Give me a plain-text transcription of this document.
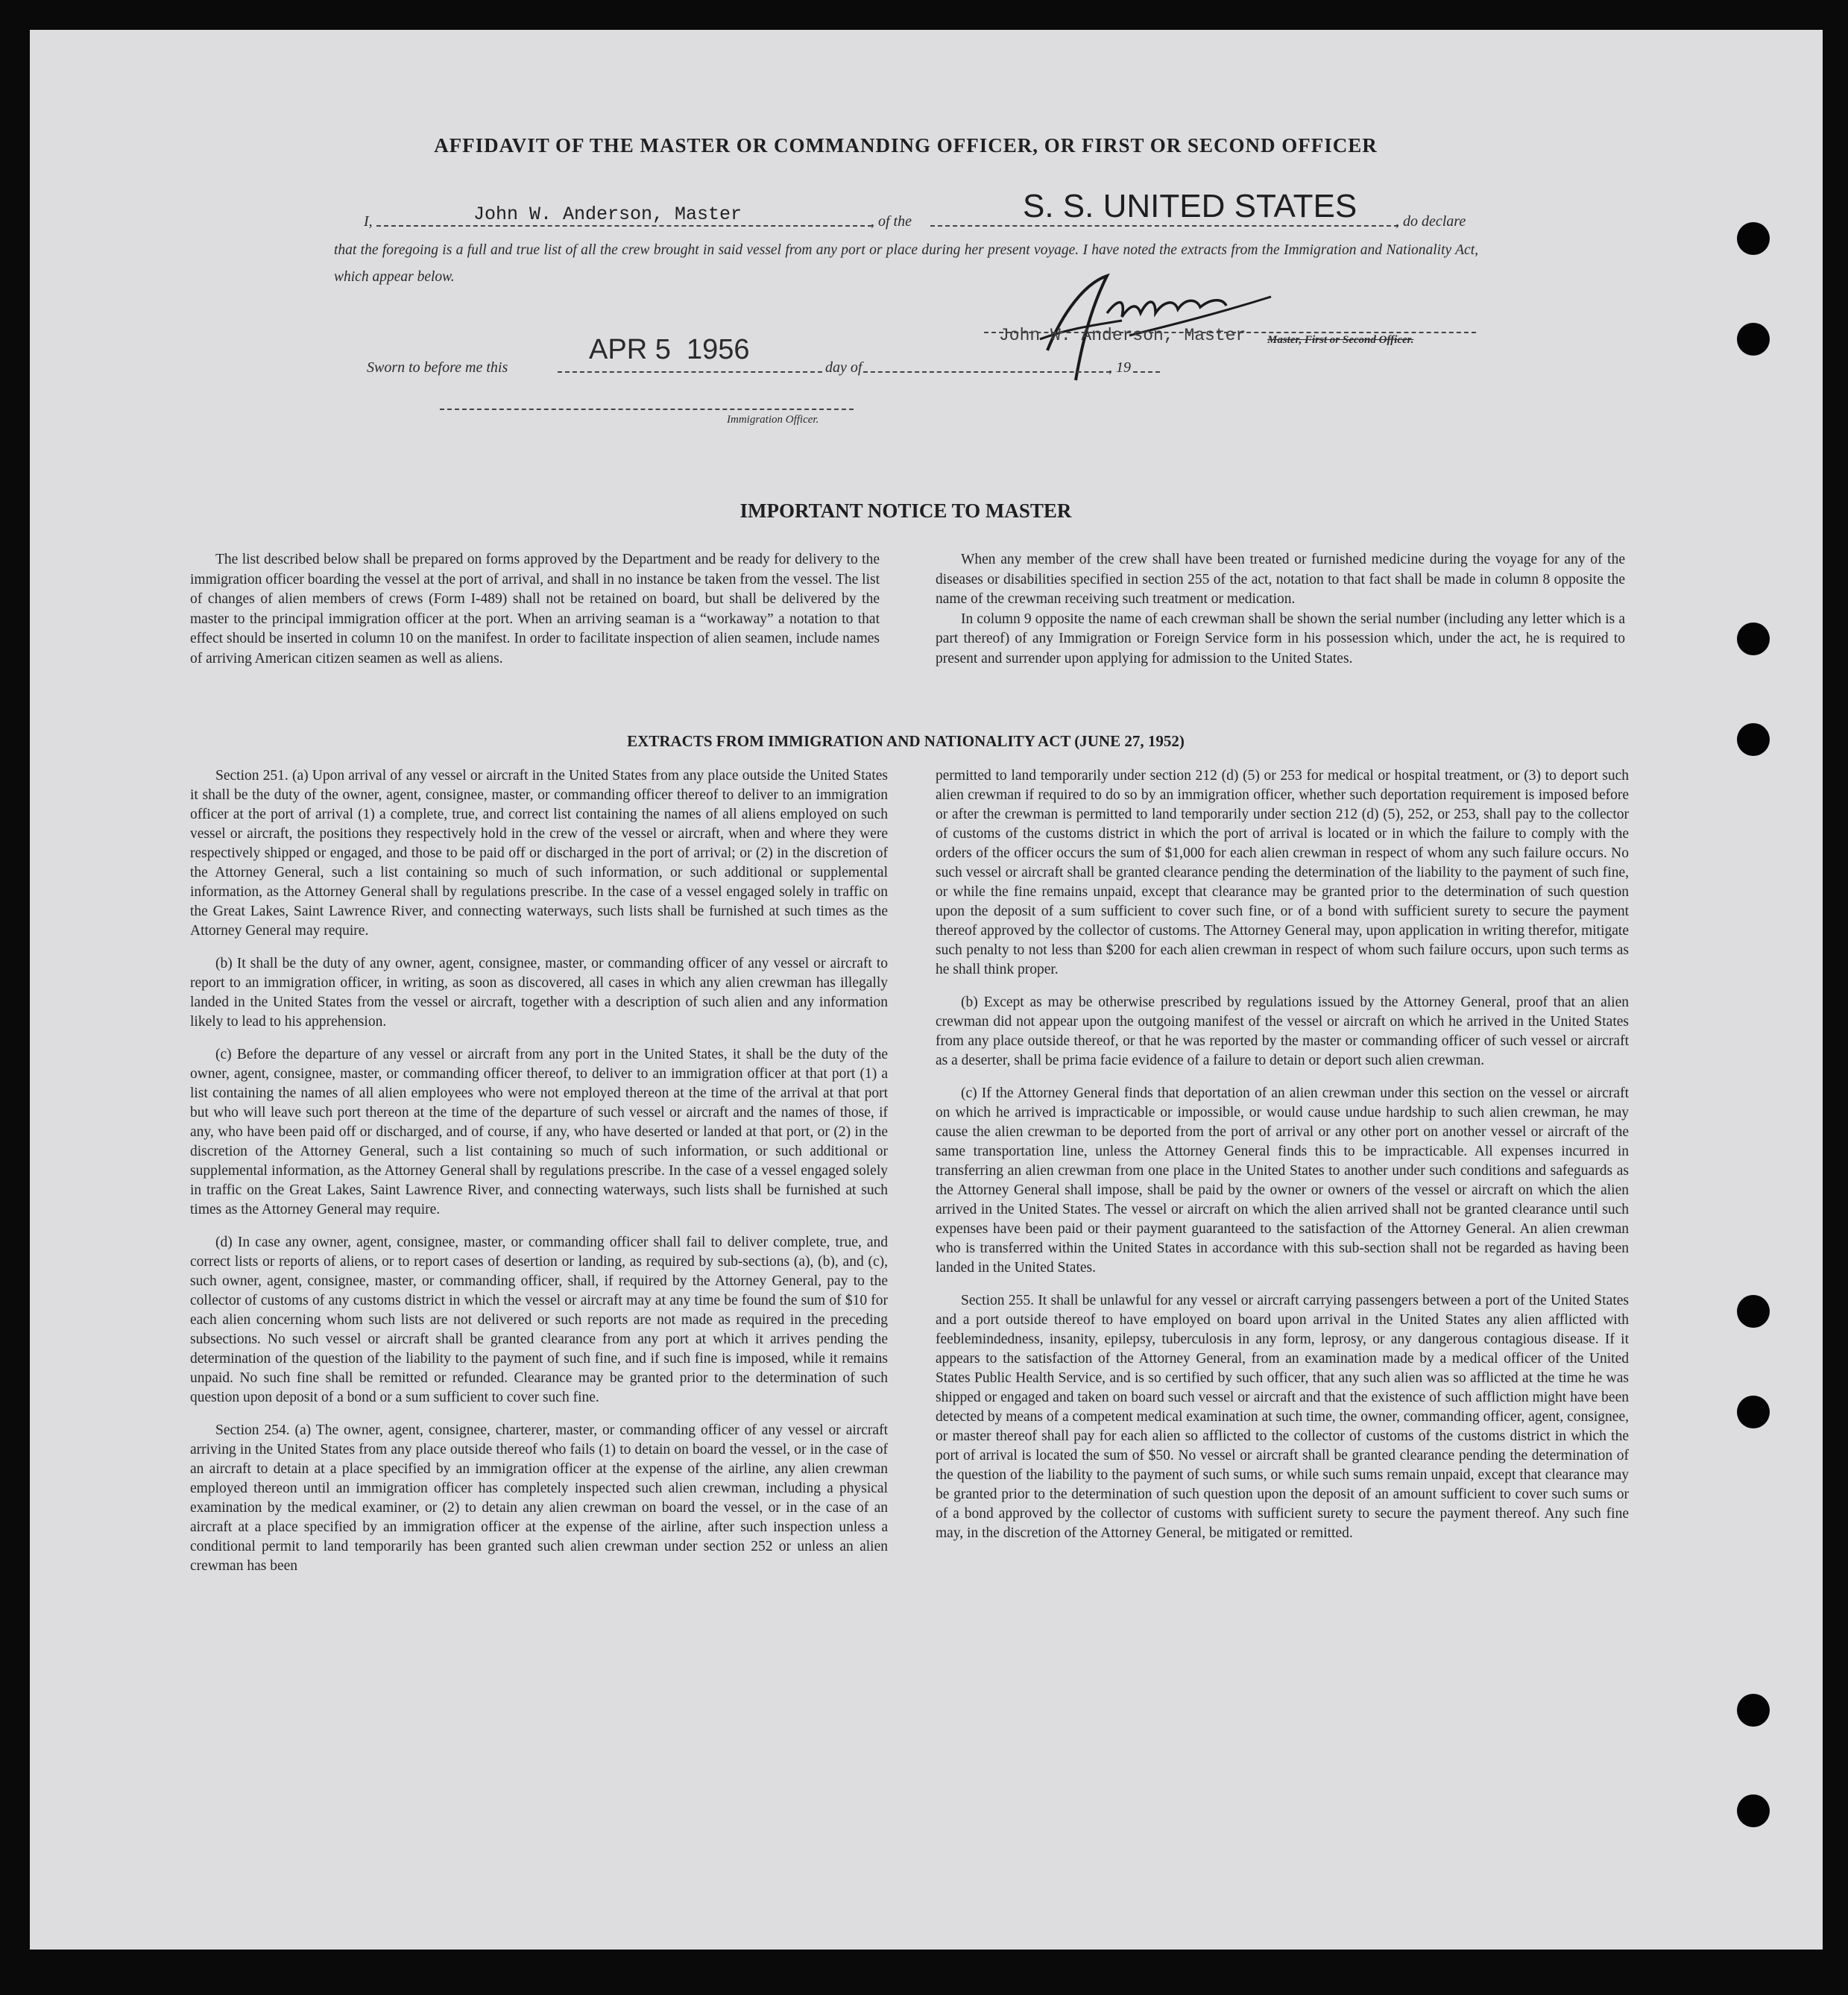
AFFIDAVIT OF THE MASTER OR COMMANDING OFFICER, OR FIRST OR SECOND OFFICER
I,	John W. Anderson, Master	, of the	S. S. UNITED STATES	, do declare
that the foregoing is a full and true list of all the crew brought in said vessel from any port or place during her present voyage. I have noted the extracts from the Immigration and Nationality Act, which appear below.
John W. Anderson, Master Master, First or Second Officer.
Sworn to before me this
APR 5  1956
day of	, 19
Immigration Officer.
IMPORTANT NOTICE TO MASTER

The list described below shall be prepared on forms approved by the Department and be ready for delivery to the immigration officer boarding the vessel at the port of arrival, and shall in no instance be taken from the vessel. The list of changes of alien members of crews (Form I-489) shall not be retained on board, but shall be delivered by the master to the principal immigration officer at the port. When an arriving seaman is a “workaway” a notation to that effect should be inserted in column 10 on the manifest. In order to facilitate inspection of alien seamen, include names of arriving American citizen seamen as well as aliens.

When any member of the crew shall have been treated or furnished medicine during the voyage for any of the diseases or disabilities specified in section 255 of the act, notation to that fact shall be made in column 8 opposite the name of the crewman receiving such treatment or medication.

In column 9 opposite the name of each crewman shall be shown the serial number (including any letter which is a part thereof) of any Immigration or Foreign Service form in his possession which, under the act, he is required to present and surrender upon applying for admission to the United States.

EXTRACTS FROM IMMIGRATION AND NATIONALITY ACT (JUNE 27, 1952)

Section 251. (a) Upon arrival of any vessel or aircraft in the United States from any place outside the United States it shall be the duty of the owner, agent, consignee, master, or commanding officer thereof to deliver to an immigration officer at the port of arrival (1) a complete, true, and correct list containing the names of all aliens employed on such vessel or aircraft, the positions they respectively hold in the crew of the vessel or aircraft, when and where they were respectively shipped or engaged, and those to be paid off or discharged in the port of arrival; or (2) in the discretion of the Attorney General, such a list containing so much of such information, or such additional or supplemental information, as the Attorney General shall by regulations prescribe. In the case of a vessel engaged solely in traffic on the Great Lakes, Saint Lawrence River, and connecting waterways, such lists shall be furnished at such times as the Attorney General may require.

(b) It shall be the duty of any owner, agent, consignee, master, or commanding officer of any vessel or aircraft to report to an immigration officer, in writing, as soon as discovered, all cases in which any alien crewman has illegally landed in the United States from the vessel or aircraft, together with a description of such alien and any information likely to lead to his apprehension.

(c) Before the departure of any vessel or aircraft from any port in the United States, it shall be the duty of the owner, agent, consignee, master, or commanding officer thereof, to deliver to an immigration officer at that port (1) a list containing the names of all alien employees who were not employed thereon at the time of the arrival at that port but who will leave such port thereon at the time of the departure of such vessel or aircraft and the names of those, if any, who have been paid off or discharged, and of course, if any, who have deserted or landed at that port, or (2) in the discretion of the Attorney General, such a list containing so much of such information, or such additional or supplemental information, as the Attorney General shall by regulations prescribe. In the case of a vessel engaged solely in traffic on the Great Lakes, Saint Lawrence River, and connecting waterways, such lists shall be furnished at such times as the Attorney General may require.

(d) In case any owner, agent, consignee, master, or commanding officer shall fail to deliver complete, true, and correct lists or reports of aliens, or to report cases of desertion or landing, as required by sub-sections (a), (b), and (c), such owner, agent, consignee, master, or commanding officer, shall, if required by the Attorney General, pay to the collector of customs of any customs district in which the vessel or aircraft may at any time be found the sum of $10 for each alien concerning whom such lists are not delivered or such reports are not made as required in the preceding subsections. No such vessel or aircraft shall be granted clearance from any port at which it arrives pending the determination of the question of the liability to the payment of such fine, and if such fine is imposed, while it remains unpaid. No such fine shall be remitted or refunded. Clearance may be granted prior to the determination of such question upon deposit of a bond or a sum sufficient to cover such fine.

Section 254. (a) The owner, agent, consignee, charterer, master, or commanding officer of any vessel or aircraft arriving in the United States from any place outside thereof who fails (1) to detain on board the vessel, or in the case of an aircraft to detain at a place specified by an immigration officer at the expense of the airline, any alien crewman employed thereon until an immigration officer has completely inspected such alien crewman, including a physical examination by the medical examiner, or (2) to detain any alien crewman on board the vessel, or in the case of an aircraft at a place specified by an immigration officer at the expense of the airline, after such inspection unless a conditional permit to land temporarily has been granted such alien crewman under section 252 or unless an alien crewman has been

permitted to land temporarily under section 212 (d) (5) or 253 for medical or hospital treatment, or (3) to deport such alien crewman if required to do so by an immigration officer, whether such deportation requirement is imposed before or after the crewman is permitted to land temporarily under section 212 (d) (5), 252, or 253, shall pay to the collector of customs of the customs district in which the port of arrival is located or in which the failure to comply with the orders of the officer occurs the sum of $1,000 for each alien crewman in respect of whom any such failure occurs. No such vessel or aircraft shall be granted clearance pending the determination of the liability to the payment of such fine, or while the fine remains unpaid, except that clearance may be granted prior to the determination of such question upon the deposit of a sum sufficient to cover such fine, or of a bond with sufficient surety to secure the payment thereof approved by the collector of customs. The Attorney General may, upon application in writing therefor, mitigate such penalty to not less than $200 for each alien crewman in respect of whom such failure occurs, upon such terms as he shall think proper.

(b) Except as may be otherwise prescribed by regulations issued by the Attorney General, proof that an alien crewman did not appear upon the outgoing manifest of the vessel or aircraft on which he arrived in the United States from any place outside thereof, or that he was reported by the master or commanding officer of such vessel or aircraft as a deserter, shall be prima facie evidence of a failure to detain or deport such alien crewman.

(c) If the Attorney General finds that deportation of an alien crewman under this section on the vessel or aircraft on which he arrived is impracticable or impossible, or would cause undue hardship to such alien crewman, he may cause the alien crewman to be deported from the port of arrival or any other port on another vessel or aircraft of the same transportation line, unless the Attorney General finds this to be impracticable. All expenses incurred in transferring an alien crewman from one place in the United States to another under such conditions and safeguards as the Attorney General shall impose, shall be paid by the owner or owners of the vessel or aircraft on which the alien arrived in the United States. The vessel or aircraft on which the alien arrived shall not be granted clearance until such expenses have been paid or their payment guaranteed to the satisfaction of the Attorney General. An alien crewman who is transferred within the United States in accordance with this sub-section shall not be regarded as having been landed in the United States.

Section 255. It shall be unlawful for any vessel or aircraft carrying passengers between a port of the United States and a port outside thereof to have employed on board upon arrival in the United States any alien afflicted with feeblemindedness, insanity, epilepsy, tuberculosis in any form, leprosy, or any dangerous contagious disease. If it appears to the satisfaction of the Attorney General, from an examination made by a medical officer of the United States Public Health Service, and is so certified by such officer, that any such alien was so afflicted at the time he was shipped or engaged and taken on board such vessel or aircraft and that the existence of such affliction might have been detected by means of a competent medical examination at such time, the owner, commanding officer, agent, consignee, or master thereof shall pay for each alien so afflicted to the collector of customs of the customs district in which the port of arrival is located the sum of $50. No vessel or aircraft shall be granted clearance pending the determination of the question of the liability to the payment of such sums, or while such sums remain unpaid, except that clearance may be granted prior to the determination of such question upon the deposit of an amount sufficient to cover such sums or of a bond approved by the collector of customs with sufficient surety to secure the payment thereof. Any such fine may, in the discretion of the Attorney General, be mitigated or remitted.
